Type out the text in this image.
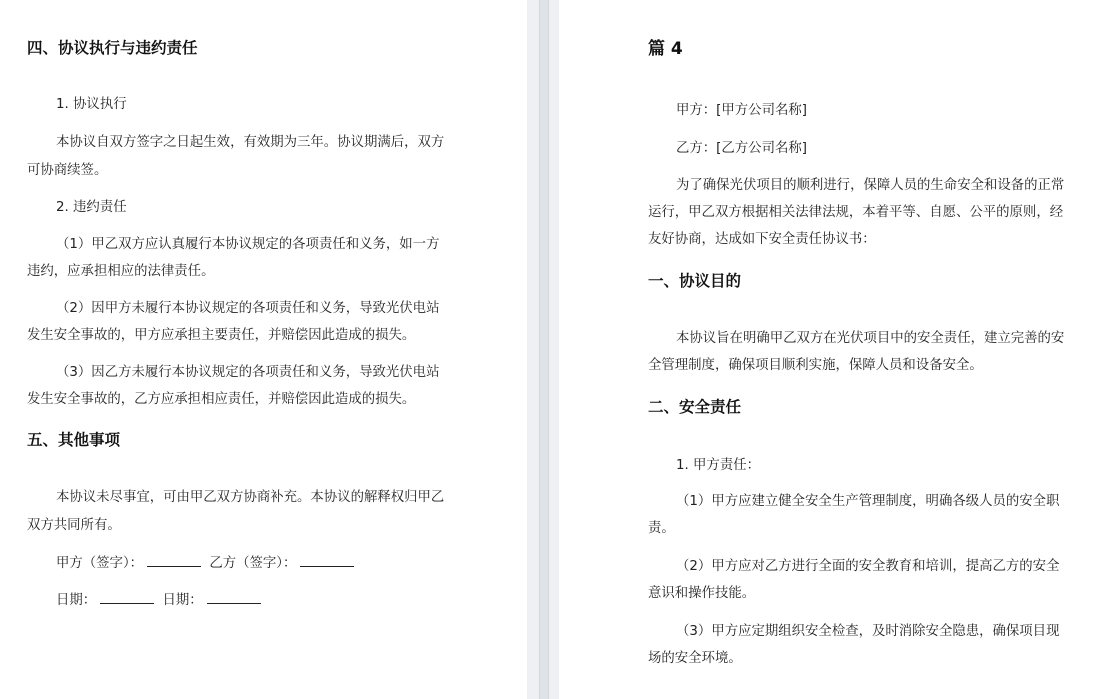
四、协议执行与违约责任

1. 协议执行

本协议自双方签字之日起生效，有效期为三年。协议期满后，双方

可协商续签。

2. 违约责任

（1）甲乙双方应认真履行本协议规定的各项责任和义务，如一方

违约，应承担相应的法律责任。

（2）因甲方未履行本协议规定的各项责任和义务，导致光伏电站

发生安全事故的，甲方应承担主要责任，并赔偿因此造成的损失。

（3）因乙方未履行本协议规定的各项责任和义务，导致光伏电站

发生安全事故的，乙方应承担相应责任，并赔偿因此造成的损失。

五、其他事项

本协议未尽事宜，可由甲乙双方协商补充。本协议的解释权归甲乙

双方共同所有。

甲方（签字）：	乙方（签字）：

日期：	日期：

篇 4

甲方：[甲方公司名称]

乙方：[乙方公司名称]

为了确保光伏项目的顺利进行，保障人员的生命安全和设备的正常

运行，甲乙双方根据相关法律法规，本着平等、自愿、公平的原则，经

友好协商，达成如下安全责任协议书：

一、协议目的

本协议旨在明确甲乙双方在光伏项目中的安全责任，建立完善的安

全管理制度，确保项目顺利实施，保障人员和设备安全。

二、安全责任

1. 甲方责任：

（1）甲方应建立健全安全生产管理制度，明确各级人员的安全职

责。

（2）甲方应对乙方进行全面的安全教育和培训，提高乙方的安全

意识和操作技能。

（3）甲方应定期组织安全检查，及时消除安全隐患，确保项目现

场的安全环境。
